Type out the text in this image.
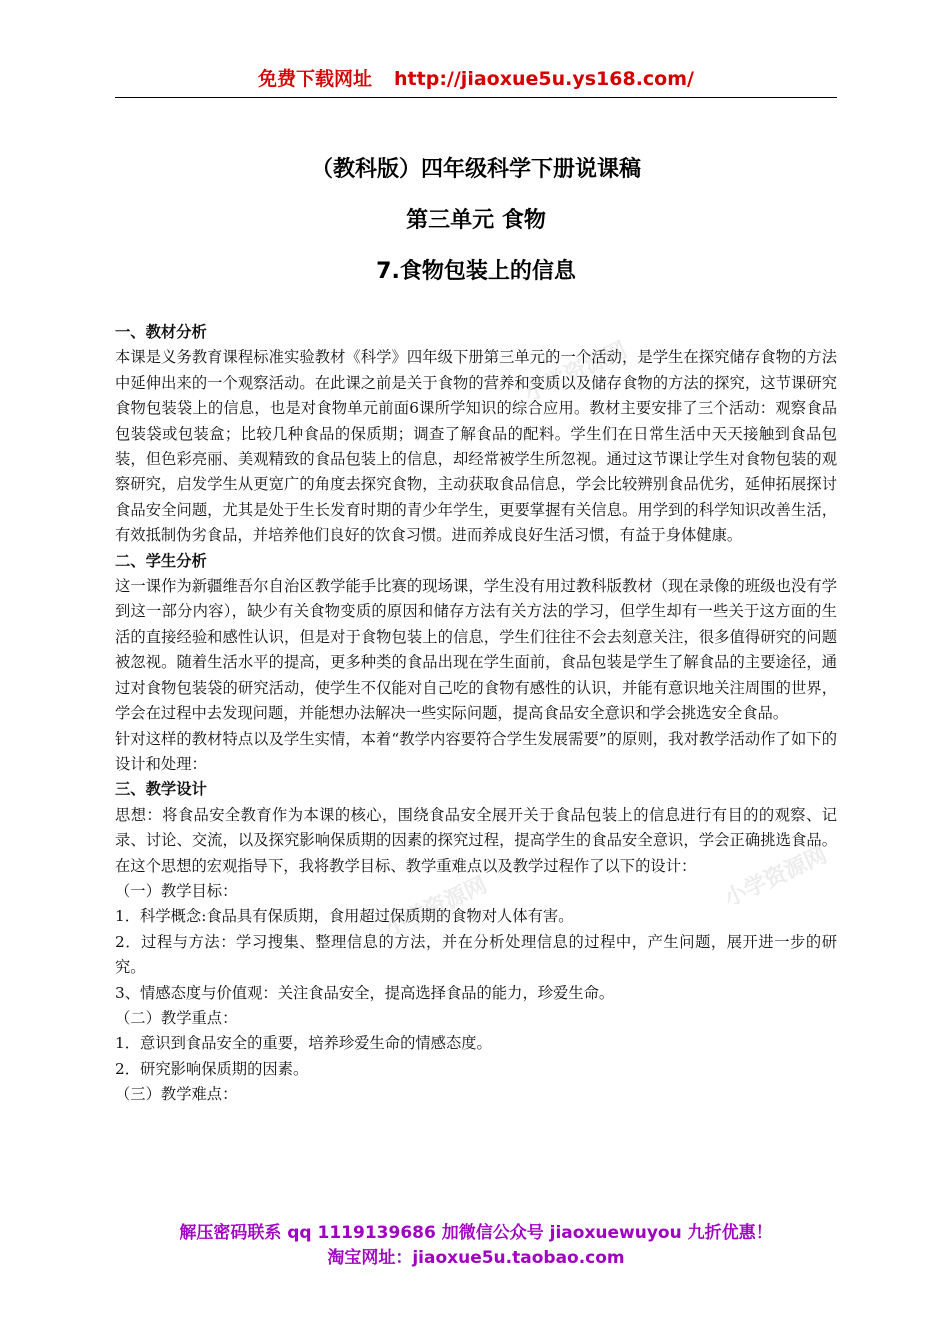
免费下载网址 http://jiaoxue5u.ys168.com/
（教科版）四年级科学下册说课稿
第三单元 食物
7.食物包装上的信息
小学资源网
小学资源网
小学资源网

一、教材分析

本课是义务教育课程标准实验教材《科学》四年级下册第三单元的一个活动，是学生在探究储存食物的方法中延伸出来的一个观察活动。在此课之前是关于食物的营养和变质以及储存食物的方法的探究，这节课研究食物包装袋上的信息，也是对食物单元前面6课所学知识的综合应用。教材主要安排了三个活动：观察食品包装袋或包装盒；比较几种食品的保质期；调查了解食品的配料。学生们在日常生活中天天接触到食品包装，但色彩亮丽、美观精致的食品包装上的信息，却经常被学生所忽视。通过这节课让学生对食物包装的观察研究，启发学生从更宽广的角度去探究食物，主动获取食品信息，学会比较辨别食品优劣，延伸拓展探讨食品安全问题，尤其是处于生长发育时期的青少年学生，更要掌握有关信息。用学到的科学知识改善生活，有效抵制伪劣食品，并培养他们良好的饮食习惯。进而养成良好生活习惯，有益于身体健康。

二、学生分析

这一课作为新疆维吾尔自治区教学能手比赛的现场课，学生没有用过教科版教材（现在录像的班级也没有学到这一部分内容），缺少有关食物变质的原因和储存方法有关方法的学习，但学生却有一些关于这方面的生活的直接经验和感性认识，但是对于食物包装上的信息，学生们往往不会去刻意关注，很多值得研究的问题被忽视。随着生活水平的提高，更多种类的食品出现在学生面前，食品包装是学生了解食品的主要途径，通过对食物包装袋的研究活动，使学生不仅能对自己吃的食物有感性的认识，并能有意识地关注周围的世界，学会在过程中去发现问题，并能想办法解决一些实际问题，提高食品安全意识和学会挑选安全食品。

针对这样的教材特点以及学生实情，本着“教学内容要符合学生发展需要”的原则，我对教学活动作了如下的设计和处理：

三、教学设计

思想：将食品安全教育作为本课的核心，围绕食品安全展开关于食品包装上的信息进行有目的的观察、记录、讨论、交流，以及探究影响保质期的因素的探究过程，提高学生的食品安全意识，学会正确挑选食品。在这个思想的宏观指导下，我将教学目标、教学重难点以及教学过程作了以下的设计：

（一）教学目标：

1．科学概念:食品具有保质期，食用超过保质期的食物对人体有害。

2．过程与方法：学习搜集、整理信息的方法，并在分析处理信息的过程中，产生问题，展开进一步的研究。

3、情感态度与价值观：关注食品安全，提高选择食品的能力，珍爱生命。

（二）教学重点：

1．意识到食品安全的重要，培养珍爱生命的情感态度。

2．研究影响保质期的因素。

（三）教学难点：

解压密码联系 qq 1119139686 加微信公众号 jiaoxuewuyou 九折优惠！
淘宝网址：jiaoxue5u.taobao.com
